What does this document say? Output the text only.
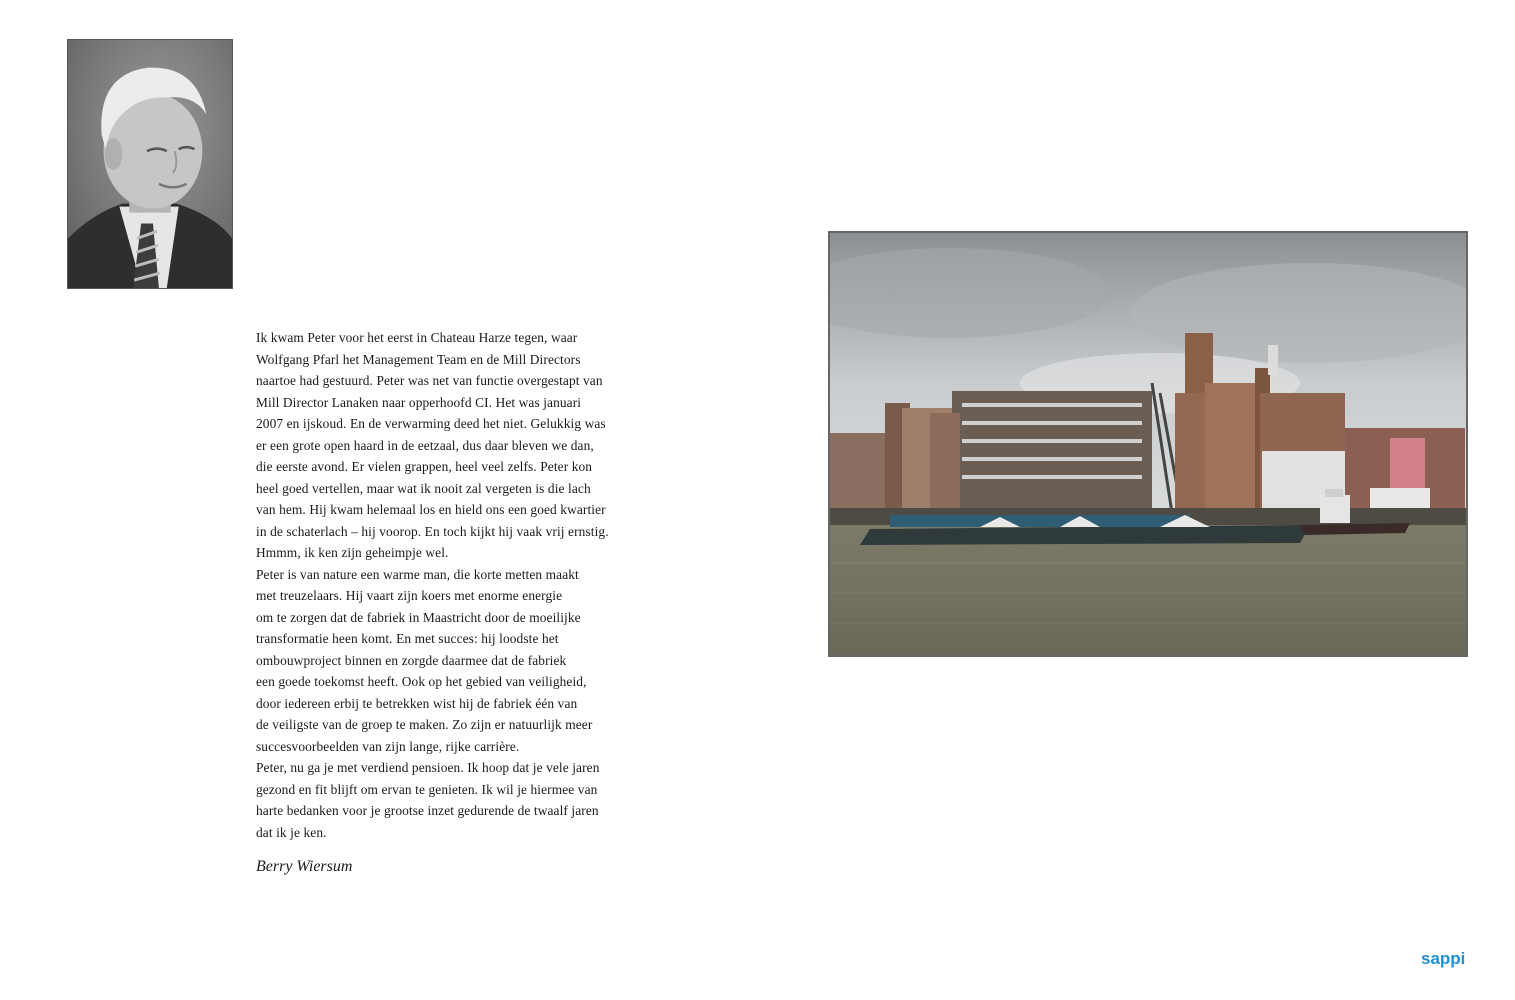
Ik kwam Peter voor het eerst in Chateau Harze tegen, waar

Wolfgang Pfarl het Management Team en de Mill Directors

naartoe had gestuurd. Peter was net van functie overgestapt van

Mill Director Lanaken naar opperhoofd CI. Het was januari

2007 en ijskoud. En de verwarming deed het niet. Gelukkig was

er een grote open haard in de eetzaal, dus daar bleven we dan,

die eerste avond. Er vielen grappen, heel veel zelfs. Peter kon

heel goed vertellen, maar wat ik nooit zal vergeten is die lach

van hem. Hij kwam helemaal los en hield ons een goed kwartier

in de schaterlach – hij voorop. En toch kijkt hij vaak vrij ernstig.

Hmmm, ik ken zijn geheimpje wel.

Peter is van nature een warme man, die korte metten maakt

met treuzelaars. Hij vaart zijn koers met enorme energie

om te zorgen dat de fabriek in Maastricht door de moeilijke

transformatie heen komt. En met succes: hij loodste het

ombouwproject binnen en zorgde daarmee dat de fabriek

een goede toekomst heeft. Ook op het gebied van veiligheid,

door iedereen erbij te betrekken wist hij de fabriek één van

de veiligste van de groep te maken. Zo zijn er natuurlijk meer

succesvoorbeelden van zijn lange, rijke carrière.

Peter, nu ga je met verdiend pensioen. Ik hoop dat je vele jaren

gezond en fit blijft om ervan te genieten. Ik wil je hiermee van

harte bedanken voor je grootse inzet gedurende de twaalf jaren

dat ik je ken.

Berry Wiersum
sappi
